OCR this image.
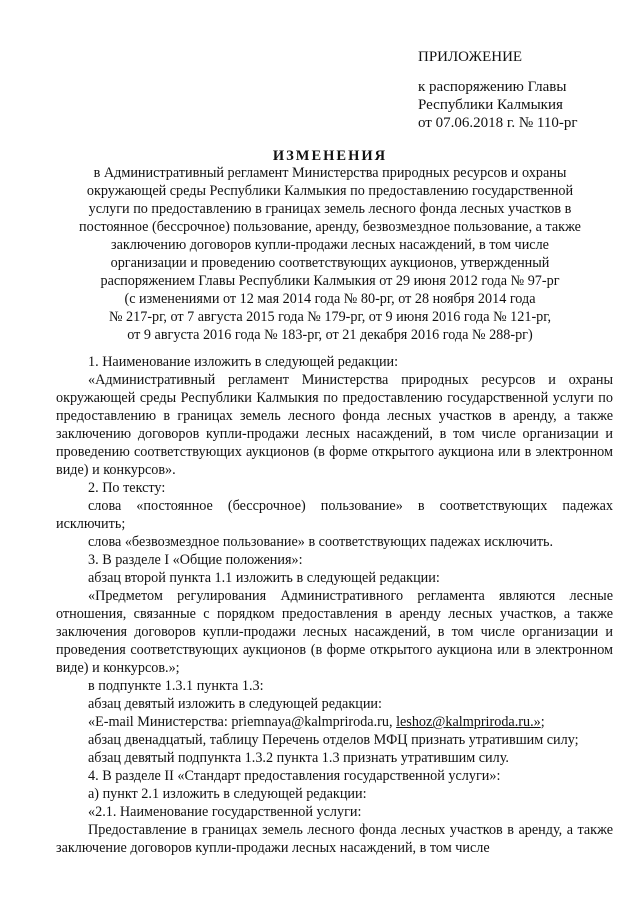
ПРИЛОЖЕНИЕ
к распоряжению Главы
Республики Калмыкия
от 07.06.2018 г. № 110-рг
ИЗМЕНЕНИЯ
в Административный регламент Министерства природных ресурсов и охраны
окружающей среды Республики Калмыкия по предоставлению государственной
услуги по предоставлению в границах земель лесного фонда лесных участков в
постоянное (бессрочное) пользование, аренду, безвозмездное пользование, а также
заключению договоров купли-продажи лесных насаждений, в том числе
организации и проведению соответствующих аукционов, утвержденный
распоряжением Главы Республики Калмыкия от 29 июня 2012 года № 97-рг
(с изменениями от 12 мая 2014 года № 80-рг, от 28 ноября 2014 года
№ 217-рг, от 7 августа 2015 года № 179-рг, от 9 июня 2016 года № 121-рг,
от 9 августа 2016 года № 183-рг, от 21 декабря 2016 года № 288-рг)

1. Наименование изложить в следующей редакции:

«Административный регламент Министерства природных ресурсов и охраны окружающей среды Республики Калмыкия по предоставлению государственной услуги по предоставлению в границах земель лесного фонда лесных участков в аренду, а также заключению договоров купли-продажи лесных насаждений, в том числе организации и проведению соответствующих аукционов (в форме открытого аукциона или в электронном виде) и конкурсов».

2. По тексту:

слова «постоянное (бессрочное) пользование» в соответствующих падежах исключить;

слова «безвозмездное пользование» в соответствующих падежах исключить.

3. В разделе I «Общие положения»:

абзац второй пункта 1.1 изложить в следующей редакции:

«Предметом регулирования Административного регламента являются лесные отношения, связанные с порядком предоставления в аренду лесных участков, а также заключения договоров купли-продажи лесных насаждений, в том числе организации и проведения соответствующих аукционов (в форме открытого аукциона или в электронном виде) и конкурсов.»;

в подпункте 1.3.1 пункта 1.3:

абзац девятый изложить в следующей редакции:

«E-mail Министерства: priemnaya@kalmpriroda.ru, leshoz@kalmpriroda.ru.»;

абзац двенадцатый, таблицу Перечень отделов МФЦ признать утратившим силу;

абзац девятый подпункта 1.3.2 пункта 1.3 признать утратившим силу.

4. В разделе II «Стандарт предоставления государственной услуги»:

а) пункт 2.1 изложить в следующей редакции:

«2.1. Наименование государственной услуги:

Предоставление в границах земель лесного фонда лесных участков в аренду, а также заключение договоров купли-продажи лесных насаждений, в том числе
